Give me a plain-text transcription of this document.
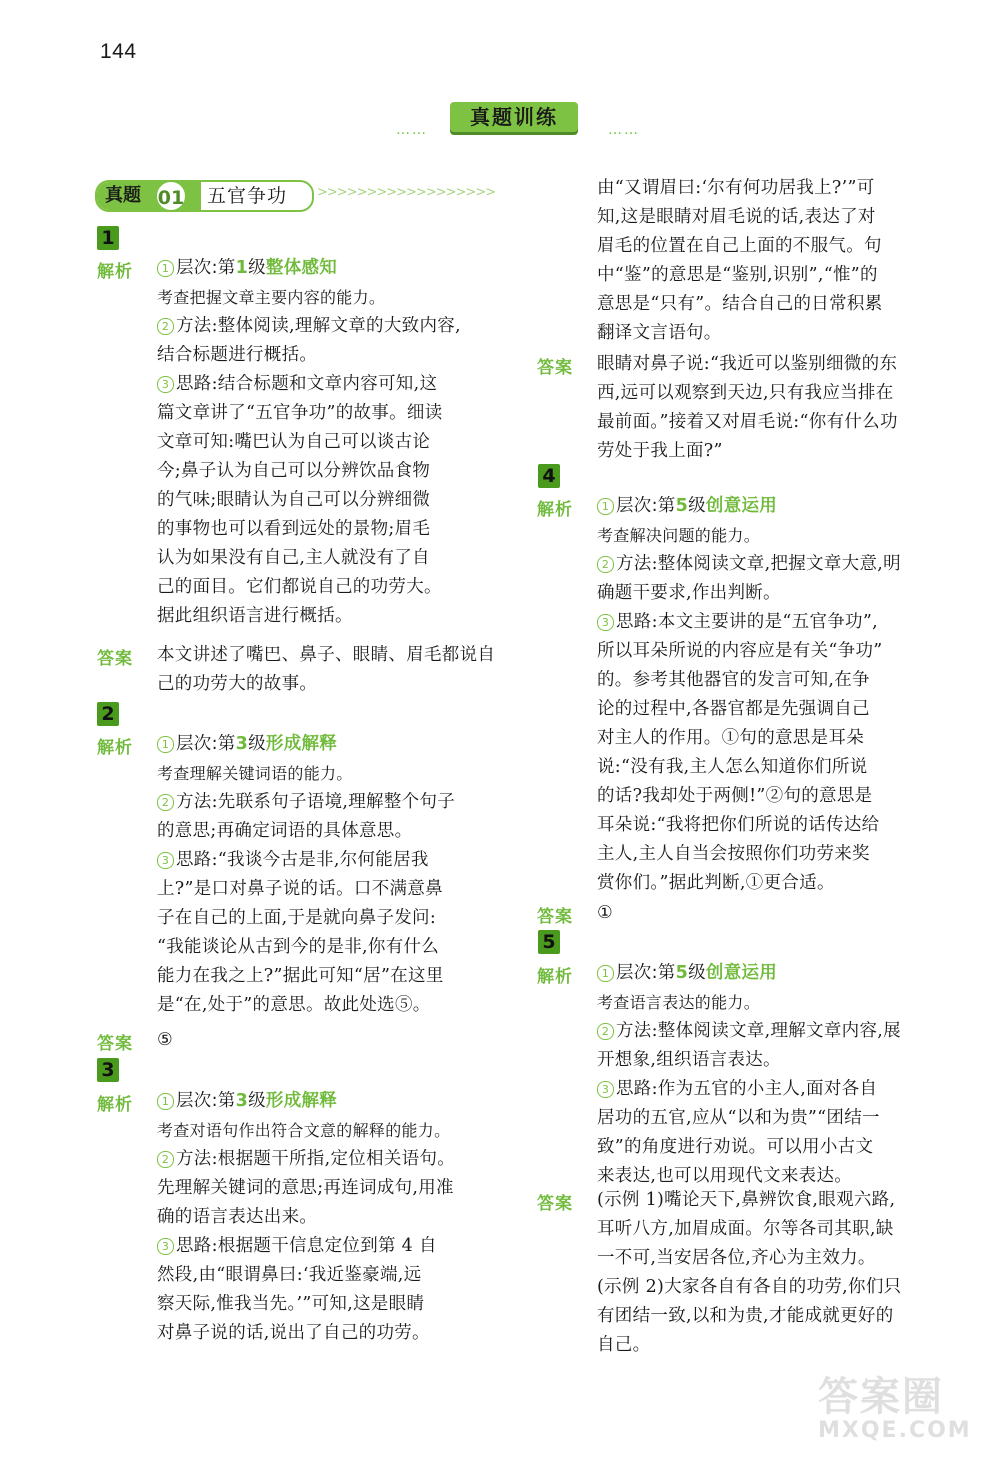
144
……
真题训练
……
真题 01 五官争功 >>>>>>>>>>>>>>>>>>
1
解析	1 层次:第1级整体感知
考查把握文章主要内容的能力。
2 方法:整体阅读,理解文章的大致内容,
结合标题进行概括。
3 思路:结合标题和文章内容可知,这
篇文章讲了“五官争功”的故事。细读
文章可知:嘴巴认为自己可以谈古论
今;鼻子认为自己可以分辨饮品食物
的气味;眼睛认为自己可以分辨细微
的事物也可以看到远处的景物;眉毛
认为如果没有自己,主人就没有了自
己的面目。它们都说自己的功劳大。
据此组织语言进行概括。
答案 本文讲述了嘴巴、鼻子、眼睛、眉毛都说自
己的功劳大的故事。
2
解析	1 层次:第3级形成解释
考查理解关键词语的能力。
2 方法:先联系句子语境,理解整个句子
的意思;再确定词语的具体意思。
3 思路:“我谈今古是非,尔何能居我
上?”是口对鼻子说的话。口不满意鼻
子在自己的上面,于是就向鼻子发问:
“我能谈论从古到今的是非,你有什么
能力在我之上?”据此可知“居”在这里
是“在,处于”的意思。故此处选⑤。
答案 ⑤
3
解析	1 层次:第3级形成解释
考查对语句作出符合文意的解释的能力。
2 方法:根据题干所指,定位相关语句。
先理解关键词的意思;再连词成句,用准
确的语言表达出来。
3 思路:根据题干信息定位到第 4 自
然段,由“眼谓鼻曰:‘我近鉴豪端,远
察天际,惟我当先。’”可知,这是眼睛
对鼻子说的话,说出了自己的功劳。
由“又谓眉曰:‘尔有何功居我上?’”可
知,这是眼睛对眉毛说的话,表达了对
眉毛的位置在自己上面的不服气。句
中“鉴”的意思是“鉴别,识别”,“惟”的
意思是“只有”。结合自己的日常积累
翻译文言语句。
答案 眼睛对鼻子说:“我近可以鉴别细微的东
西,远可以观察到天边,只有我应当排在
最前面。”接着又对眉毛说:“你有什么功
劳处于我上面?”
4
解析	1 层次:第5级创意运用
考查解决问题的能力。
2 方法:整体阅读文章,把握文章大意,明
确题干要求,作出判断。
3 思路:本文主要讲的是“五官争功”,
所以耳朵所说的内容应是有关“争功”
的。参考其他器官的发言可知,在争
论的过程中,各器官都是先强调自己
对主人的作用。①句的意思是耳朵
说:“没有我,主人怎么知道你们所说
的话?我却处于两侧!”②句的意思是
耳朵说:“我将把你们所说的话传达给
主人,主人自当会按照你们功劳来奖
赏你们。”据此判断,①更合适。
答案 ①
5
解析	1 层次:第5级创意运用
考查语言表达的能力。
2 方法:整体阅读文章,理解文章内容,展
开想象,组织语言表达。
3 思路:作为五官的小主人,面对各自
居功的五官,应从“以和为贵”“团结一
致”的角度进行劝说。可以用小古文
来表达,也可以用现代文来表达。
答案 (示例 1)嘴论天下,鼻辨饮食,眼观六路,
耳听八方,加眉成面。尔等各司其职,缺
一不可,当安居各位,齐心为主效力。
(示例 2)大家各自有各自的功劳,你们只
有团结一致,以和为贵,才能成就更好的
自己。
答案圈
MXQE.COM
